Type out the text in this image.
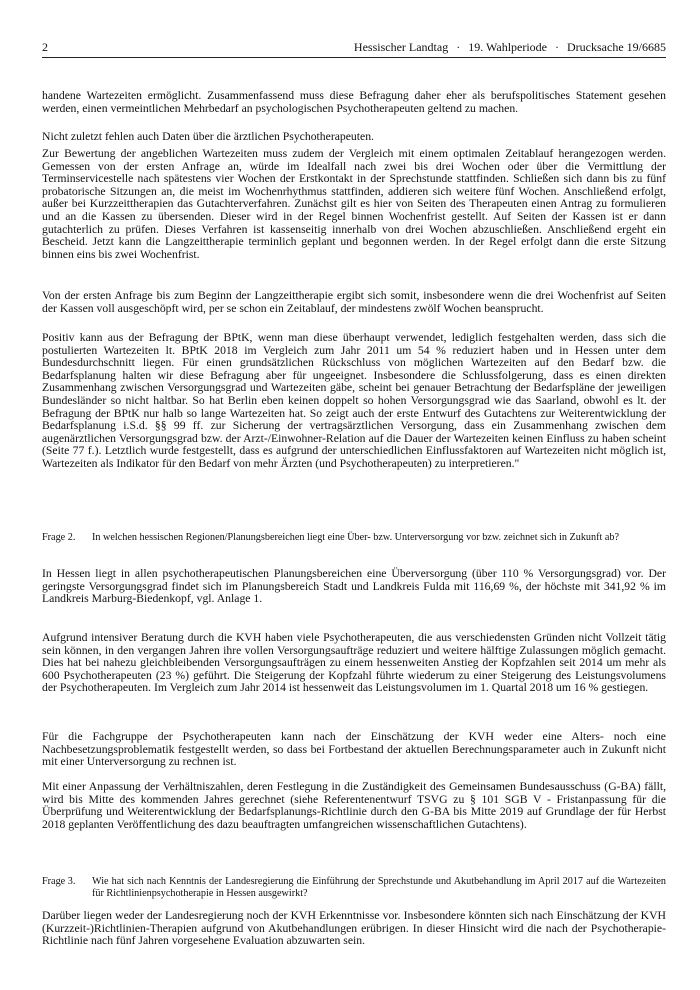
2	Hessischer Landtag · 19. Wahlperiode · Drucksache 19/6685

handene Wartezeiten ermöglicht. Zusammenfassend muss diese Befragung daher eher als berufspolitisches Statement gesehen werden, einen vermeintlichen Mehrbedarf an psychologischen Psychotherapeuten geltend zu machen.

Nicht zuletzt fehlen auch Daten über die ärztlichen Psychotherapeuten.

Zur Bewertung der angeblichen Wartezeiten muss zudem der Vergleich mit einem optimalen Zeitablauf herangezogen werden. Gemessen von der ersten Anfrage an, würde im Idealfall nach zwei bis drei Wochen oder über die Vermittlung der Terminservicestelle nach spätestens vier Wochen der Erstkontakt in der Sprechstunde stattfinden. Schließen sich dann bis zu fünf probatorische Sitzungen an, die meist im Wochenrhythmus stattfinden, addieren sich weitere fünf Wochen. Anschließend erfolgt, außer bei Kurzzeittherapien das Gutachterverfahren. Zunächst gilt es hier von Seiten des Therapeuten einen Antrag zu formulieren und an die Kassen zu übersenden. Dieser wird in der Regel binnen Wochenfrist gestellt. Auf Seiten der Kassen ist er dann gutachterlich zu prüfen. Dieses Verfahren ist kassenseitig innerhalb von drei Wochen abzuschließen. Anschließend ergeht ein Bescheid. Jetzt kann die Langzeittherapie terminlich geplant und begonnen werden. In der Regel erfolgt dann die erste Sitzung binnen eins bis zwei Wochenfrist.

Von der ersten Anfrage bis zum Beginn der Langzeittherapie ergibt sich somit, insbesondere wenn die drei Wochenfrist auf Seiten der Kassen voll ausgeschöpft wird, per se schon ein Zeitablauf, der mindestens zwölf Wochen beansprucht.

Positiv kann aus der Befragung der BPtK, wenn man diese überhaupt verwendet, lediglich festgehalten werden, dass sich die postulierten Wartezeiten lt. BPtK 2018 im Vergleich zum Jahr 2011 um 54 % reduziert haben und in Hessen unter dem Bundesdurchschnitt liegen. Für einen grundsätzlichen Rückschluss von möglichen Wartezeiten auf den Bedarf bzw. die Bedarfsplanung halten wir diese Befragung aber für ungeeignet. Insbesondere die Schlussfolgerung, dass es einen direkten Zusammenhang zwischen Versorgungsgrad und Wartezeiten gäbe, scheint bei genauer Betrachtung der Bedarfspläne der jeweiligen Bundesländer so nicht haltbar. So hat Berlin eben keinen doppelt so hohen Versorgungsgrad wie das Saarland, obwohl es lt. der Befragung der BPtK nur halb so lange Wartezeiten hat. So zeigt auch der erste Entwurf des Gutachtens zur Weiterentwicklung der Bedarfsplanung i.S.d. §§ 99 ff. zur Sicherung der vertragsärztlichen Versorgung, dass ein Zusammenhang zwischen dem augenärztlichen Versorgungsgrad bzw. der Arzt-/Einwohner-Relation auf die Dauer der Wartezeiten keinen Einfluss zu haben scheint (Seite 77 f.). Letztlich wurde festgestellt, dass es aufgrund der unterschiedlichen Einflussfaktoren auf Wartezeiten nicht möglich ist, Wartezeiten als Indikator für den Bedarf von mehr Ärzten (und Psychotherapeuten) zu interpretieren."

Frage 2.	In welchen hessischen Regionen/Planungsbereichen liegt eine Über- bzw. Unterversorgung vor bzw. zeichnet sich in Zukunft ab?

In Hessen liegt in allen psychotherapeutischen Planungsbereichen eine Überversorgung (über 110 % Versorgungsgrad) vor. Der geringste Versorgungsgrad findet sich im Planungsbereich Stadt und Landkreis Fulda mit 116,69 %, der höchste mit 341,92 % im Landkreis Marburg-Biedenkopf, vgl. Anlage 1.

Aufgrund intensiver Beratung durch die KVH haben viele Psychotherapeuten, die aus verschiedensten Gründen nicht Vollzeit tätig sein können, in den vergangen Jahren ihre vollen Versorgungsaufträge reduziert und weitere hälftige Zulassungen möglich gemacht. Dies hat bei nahezu gleichbleibenden Versorgungsaufträgen zu einem hessenweiten Anstieg der Kopfzahlen seit 2014 um mehr als 600 Psychotherapeuten (23 %) geführt. Die Steigerung der Kopfzahl führte wiederum zu einer Steigerung des Leistungsvolumens der Psychotherapeuten. Im Vergleich zum Jahr 2014 ist hessenweit das Leistungsvolumen im 1. Quartal 2018 um 16 % gestiegen.

Für die Fachgruppe der Psychotherapeuten kann nach der Einschätzung der KVH weder eine Alters- noch eine Nachbesetzungsproblematik festgestellt werden, so dass bei Fortbestand der aktuellen Berechnungsparameter auch in Zukunft nicht mit einer Unterversorgung zu rechnen ist.

Mit einer Anpassung der Verhältniszahlen, deren Festlegung in die Zuständigkeit des Gemeinsamen Bundesausschuss (G-BA) fällt, wird bis Mitte des kommenden Jahres gerechnet (siehe Referentenentwurf TSVG zu § 101 SGB V - Fristanpassung für die Überprüfung und Weiterentwicklung der Bedarfsplanungs-Richtlinie durch den G-BA bis Mitte 2019 auf Grundlage der für Herbst 2018 geplanten Veröffentlichung des dazu beauftragten umfangreichen wissenschaftlichen Gutachtens).

Frage 3.	Wie hat sich nach Kenntnis der Landesregierung die Einführung der Sprechstunde und Akutbehandlung im April 2017 auf die Wartezeiten für Richtlinienpsychotherapie in Hessen ausgewirkt?

Darüber liegen weder der Landesregierung noch der KVH Erkenntnisse vor. Insbesondere könnten sich nach Einschätzung der KVH (Kurzzeit-)Richtlinien-Therapien aufgrund von Akutbehandlungen erübrigen. In dieser Hinsicht wird die nach der Psychotherapie-Richtlinie nach fünf Jahren vorgesehene Evaluation abzuwarten sein.
